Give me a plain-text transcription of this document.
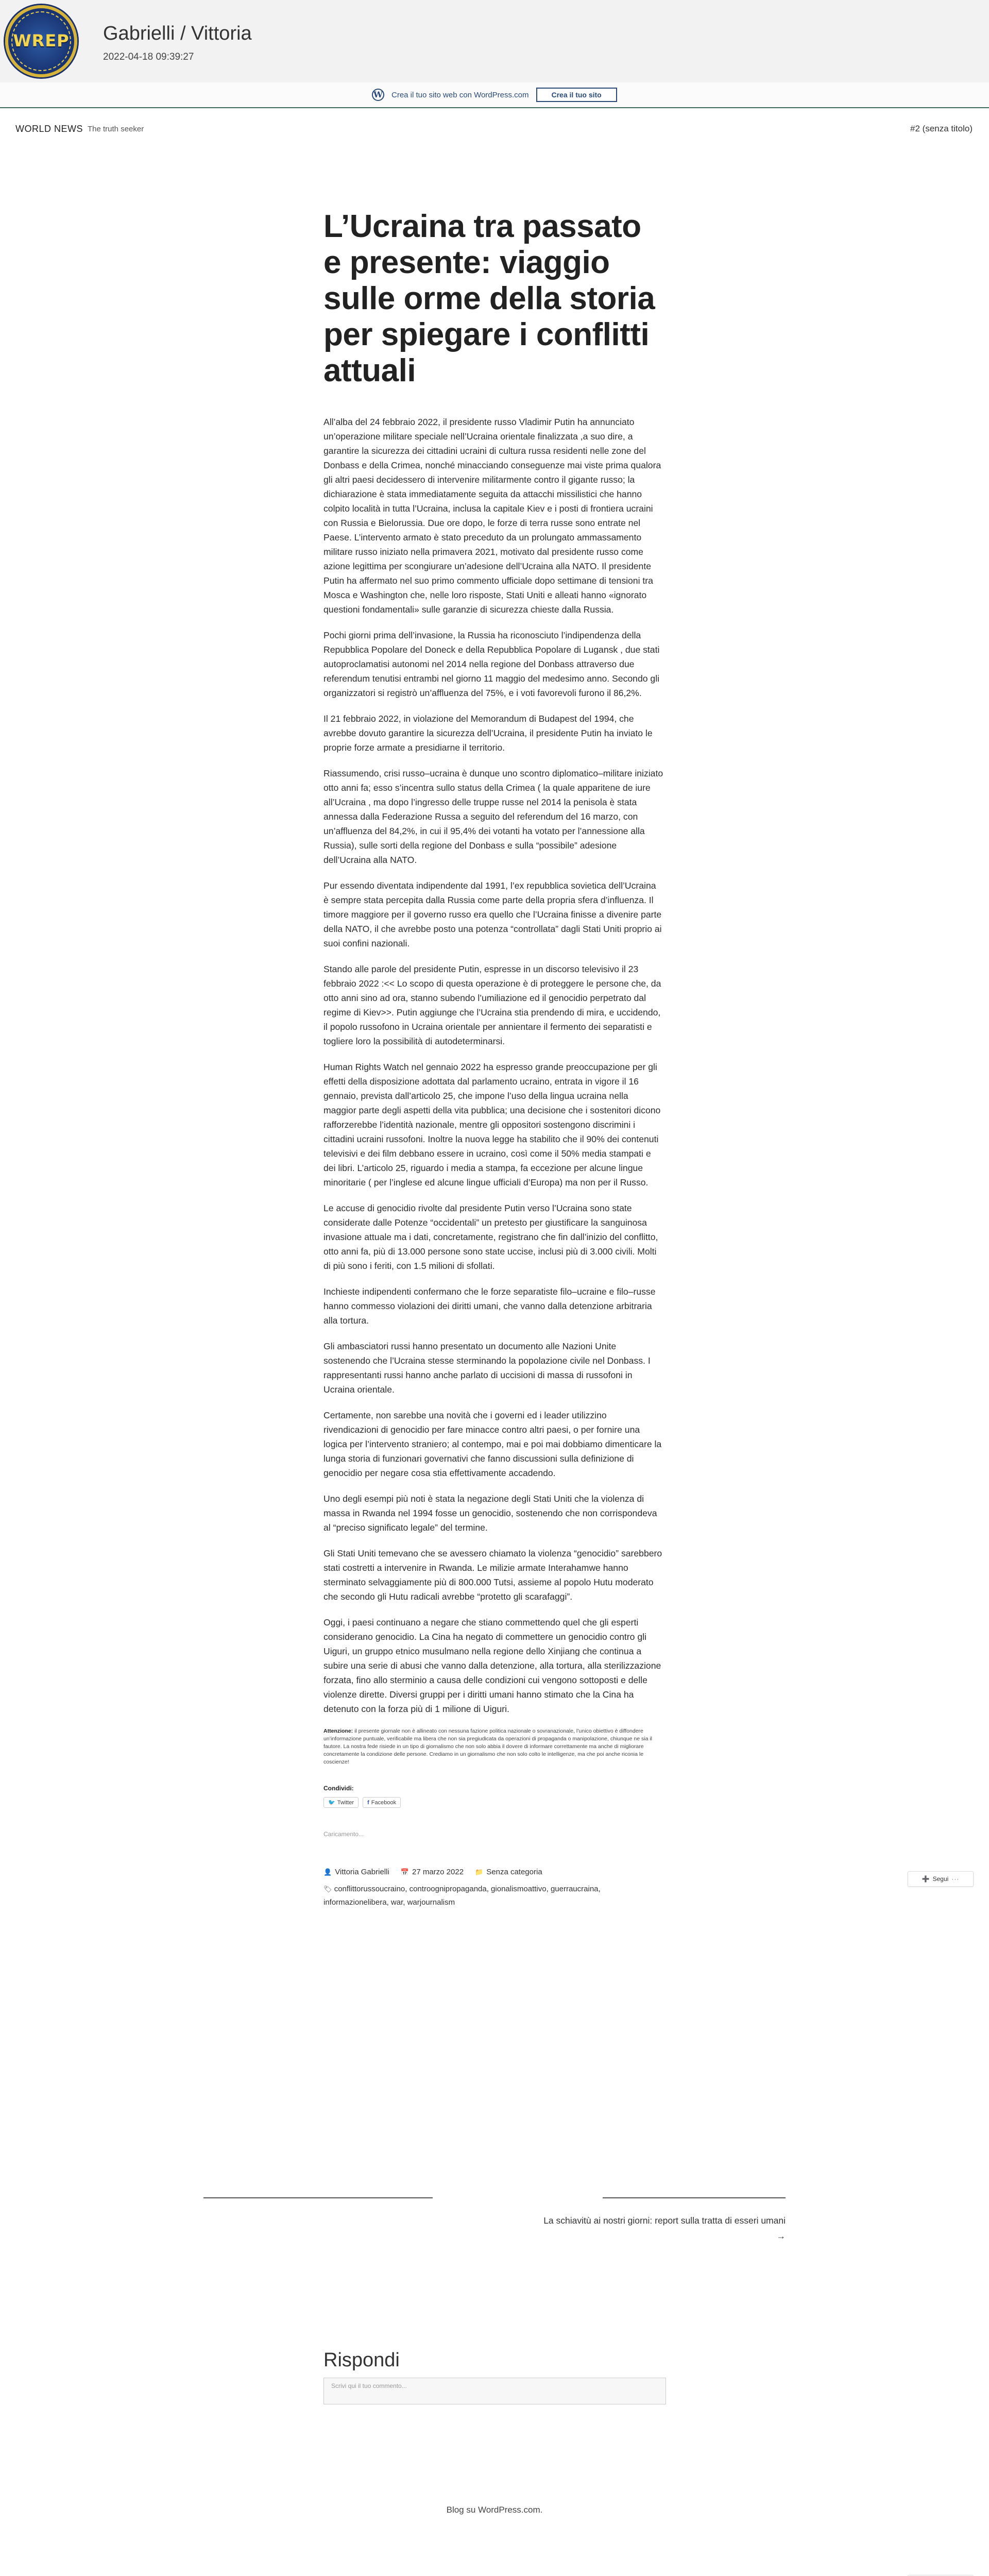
WREP Gabrielli / Vittoria
2022-04-18 09:39:27
W Crea il tuo sito web con WordPress.com	Crea il tuo sito
WORLD NEWS The truth seeker	#2 (senza titolo)
L’Ucraina tra passato e presente: viaggio sulle orme della storia per spiegare i conflitti attuali

All’alba del 24 febbraio 2022, il presidente russo Vladimir Putin ha annunciato un’operazione militare speciale nell’Ucraina orientale finalizzata ,a suo dire, a garantire la sicurezza dei cittadini ucraini di cultura russa residenti nelle zone del Donbass e della Crimea, nonché minacciando conseguenze mai viste prima qualora gli altri paesi decidessero di intervenire militarmente contro il gigante russo; la dichiarazione è stata immediatamente seguita da attacchi missilistici che hanno colpito località in tutta l’Ucraina, inclusa la capitale Kiev e i posti di frontiera ucraini con Russia e Bielorussia. Due ore dopo, le forze di terra russe sono entrate nel Paese. L’intervento armato è stato preceduto da un prolungato ammassamento militare russo iniziato nella primavera 2021, motivato dal presidente russo come azione legittima per scongiurare un’adesione dell’Ucraina alla NATO. Il presidente Putin ha affermato nel suo primo commento ufficiale dopo settimane di tensioni tra Mosca e Washington che, nelle loro risposte, Stati Uniti e alleati hanno «ignorato questioni fondamentali» sulle garanzie di sicurezza chieste dalla Russia.

Pochi giorni prima dell’invasione, la Russia ha riconosciuto l’indipendenza della Repubblica Popolare del Doneck e della Repubblica Popolare di Lugansk , due stati autoproclamatisi autonomi nel 2014 nella regione del Donbass attraverso due referendum tenutisi entrambi nel giorno 11 maggio del medesimo anno. Secondo gli organizzatori si registrò un’affluenza del 75%, e i voti favorevoli furono il 86,2%.

Il 21 febbraio 2022, in violazione del Memorandum di Budapest del 1994, che avrebbe dovuto garantire la sicurezza dell’Ucraina, il presidente Putin ha inviato le proprie forze armate a presidiarne il territorio.

Riassumendo, crisi russo–ucraina è dunque uno scontro diplomatico–militare iniziato otto anni fa; esso s’incentra sullo status della Crimea ( la quale apparitene de iure all’Ucraina , ma dopo l’ingresso delle truppe russe nel 2014 la penisola è stata annessa dalla Federazione Russa a seguito del referendum del 16 marzo, con un’affluenza del 84,2%, in cui il 95,4% dei votanti ha votato per l’annessione alla Russia), sulle sorti della regione del Donbass e sulla “possibile” adesione dell’Ucraina alla NATO.

Pur essendo diventata indipendente dal 1991, l’ex repubblica sovietica dell’Ucraina è sempre stata percepita dalla Russia come parte della propria sfera d’influenza. Il timore maggiore per il governo russo era quello che l’Ucraina finisse a divenire parte della NATO, il che avrebbe posto una potenza “controllata” dagli Stati Uniti proprio ai suoi confini nazionali.

Stando alle parole del presidente Putin, espresse in un discorso televisivo il 23 febbraio 2022 :<< Lo scopo di questa operazione è di proteggere le persone che, da otto anni sino ad ora, stanno subendo l’umiliazione ed il genocidio perpetrato dal regime di Kiev>>. Putin aggiunge che l’Ucraina stia prendendo di mira, e uccidendo, il popolo russofono in Ucraina orientale per annientare il fermento dei separatisti e togliere loro la possibilità di autodeterminarsi.

Human Rights Watch nel gennaio 2022 ha espresso grande preoccupazione per gli effetti della disposizione adottata dal parlamento ucraino, entrata in vigore il 16 gennaio, prevista dall’articolo 25, che impone l’uso della lingua ucraina nella maggior parte degli aspetti della vita pubblica; una decisione che i sostenitori dicono rafforzerebbe l’identità nazionale, mentre gli oppositori sostengono discrimini i cittadini ucraini russofoni. Inoltre la nuova legge ha stabilito che il 90% dei contenuti televisivi e dei film debbano essere in ucraino, così come il 50% media stampati e dei libri. L’articolo 25, riguardo i media a stampa, fa eccezione per alcune lingue minoritarie ( per l’inglese ed alcune lingue ufficiali d’Europa) ma non per il Russo.

Le accuse di genocidio rivolte dal presidente Putin verso l’Ucraina sono state considerate dalle Potenze “occidentali” un pretesto per giustificare la sanguinosa invasione attuale ma i dati, concretamente, registrano che fin dall’inizio del conflitto, otto anni fa, più di 13.000 persone sono state uccise, inclusi più di 3.000 civili. Molti di più sono i feriti, con 1.5 milioni di sfollati.

Inchieste indipendenti confermano che le forze separatiste filo–ucraine e filo–russe hanno commesso violazioni dei diritti umani, che vanno dalla detenzione arbitraria alla tortura.

Gli ambasciatori russi hanno presentato un documento alle Nazioni Unite sostenendo che l’Ucraina stesse sterminando la popolazione civile nel Donbass. I rappresentanti russi hanno anche parlato di uccisioni di massa di russofoni in Ucraina orientale.

Certamente, non sarebbe una novità che i governi ed i leader utilizzino rivendicazioni di genocidio per fare minacce contro altri paesi, o per fornire una logica per l’intervento straniero; al contempo, mai e poi mai dobbiamo dimenticare la lunga storia di funzionari governativi che fanno discussioni sulla definizione di genocidio per negare cosa stia effettivamente accadendo.

Uno degli esempi più noti è stata la negazione degli Stati Uniti che la violenza di massa in Rwanda nel 1994 fosse un genocidio, sostenendo che non corrispondeva al “preciso significato legale” del termine.

Gli Stati Uniti temevano che se avessero chiamato la violenza “genocidio” sarebbero stati costretti a intervenire in Rwanda. Le milizie armate Interahamwe hanno sterminato selvaggiamente più di 800.000 Tutsi, assieme al popolo Hutu moderato che secondo gli Hutu radicali avrebbe “protetto gli scarafaggi”.

Oggi, i paesi continuano a negare che stiano commettendo quel che gli esperti considerano genocidio. La Cina ha negato di commettere un genocidio contro gli Uiguri, un gruppo etnico musulmano nella regione dello Xinjiang che continua a subire una serie di abusi che vanno dalla detenzione, alla tortura, alla sterilizzazione forzata, fino allo sterminio a causa delle condizioni cui vengono sottoposti e delle violenze dirette. Diversi gruppi per i diritti umani hanno stimato che la Cina ha detenuto con la forza più di 1 milione di Uiguri.

Attenzione: il presente giornale non è allineato con nessuna fazione politica nazionale o sovranazionale, l’unico obiettivo è diffondere un’informazione puntuale, verificabile ma libera che non sia pregiudicata da operazioni di propaganda o manipolazione, chiunque ne sia il fautore. La nostra fede risiede in un tipo di giornalismo che non solo abbia il dovere di informare correttamente ma anche di migliorare concretamente la condizione delle persone. Crediamo in un giornalismo che non solo colto le intelligenze, ma che poi anche riconia le coscienze!

Condividi:
🐦 Twitter f Facebook
Caricamento...
👤 Vittoria Gabrielli 📅 27 marzo 2022 📁 Senza categoria
🏷 conflittorussoucraino, controognipropaganda, gionalismoattivo, guerraucraina, informazionelibera, war, warjournalism
La schiavitù ai nostri giorni: report sulla tratta di esseri umani →
Rispondi
Scrivi qui il tuo commento...
Blog su WordPress.com.
➕ Segui ···
